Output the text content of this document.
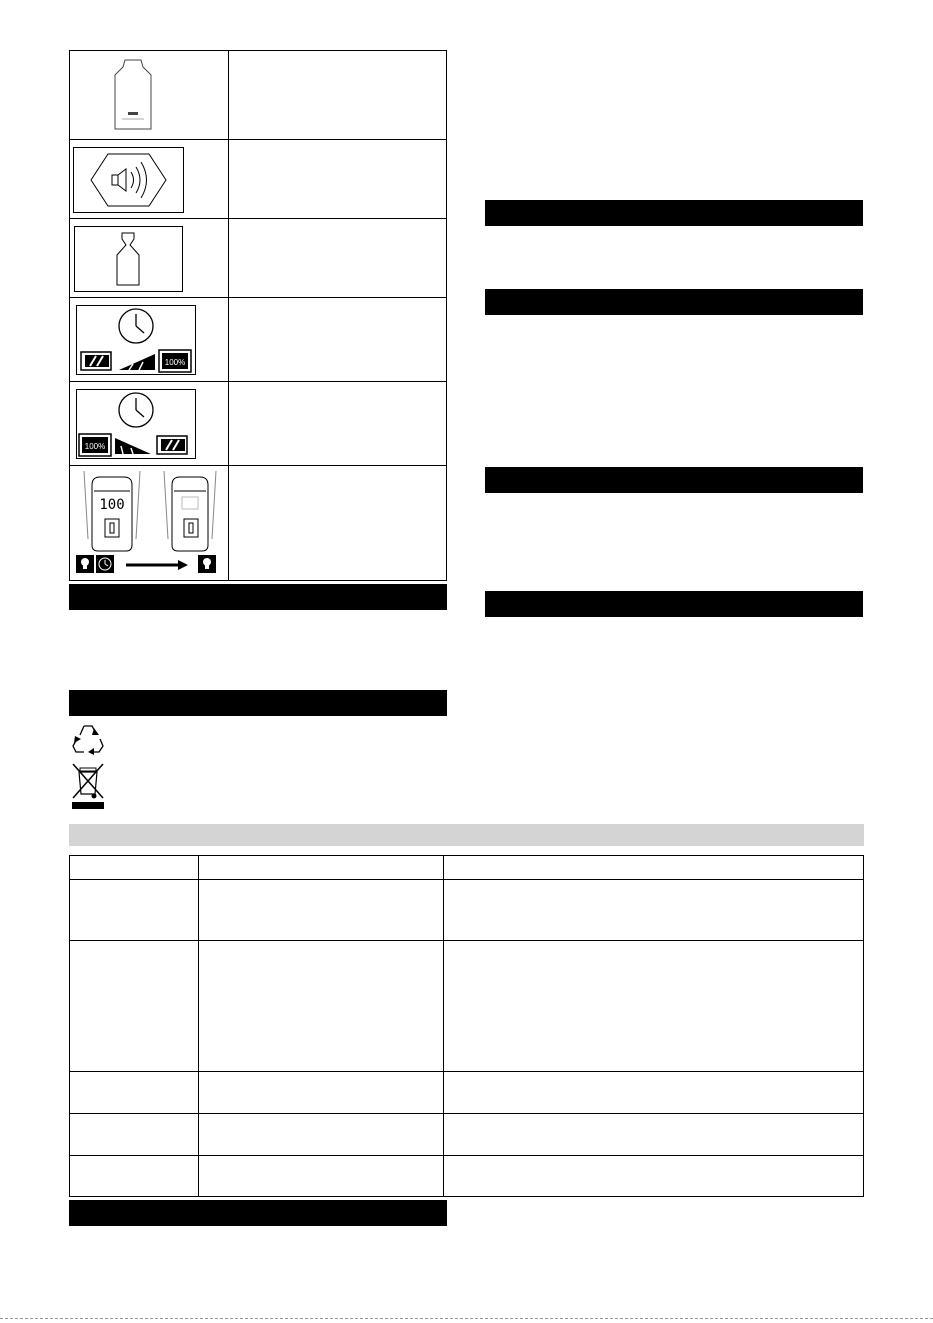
100%
100%
100
